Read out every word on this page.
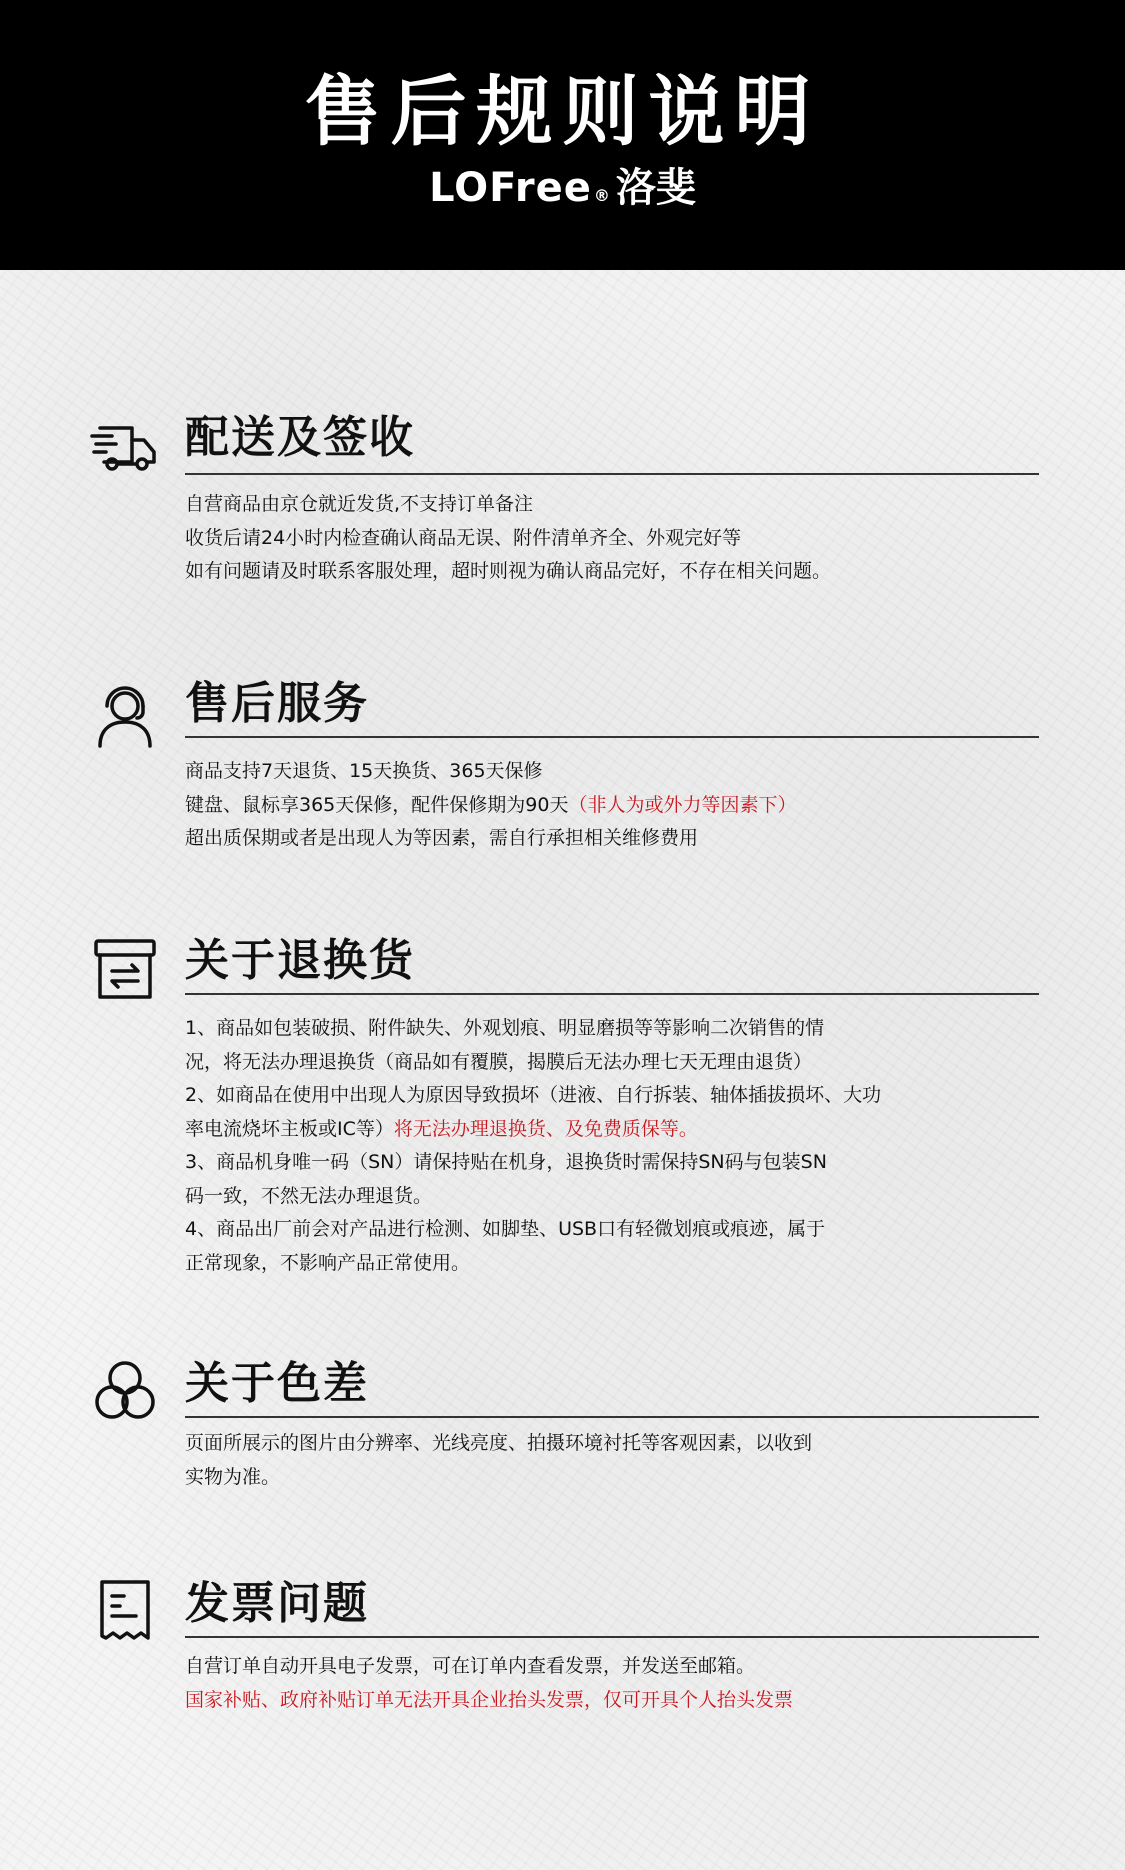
售后规则说明
LOFree ® 洛斐
配送及签收
自营商品由京仓就近发货,不支持订单备注
收货后请24小时内检查确认商品无误、附件清单齐全、外观完好等
如有问题请及时联系客服处理，超时则视为确认商品完好，不存在相关问题。
售后服务
商品支持7天退货、15天换货、365天保修
键盘、鼠标享365天保修，配件保修期为90天（非人为或外力等因素下）
超出质保期或者是出现人为等因素，需自行承担相关维修费用
关于退换货
1、商品如包装破损、附件缺失、外观划痕、明显磨损等等影响二次销售的情
况，将无法办理退换货（商品如有覆膜，揭膜后无法办理七天无理由退货）
2、如商品在使用中出现人为原因导致损坏（进液、自行拆装、轴体插拔损坏、大功
率电流烧坏主板或IC等）将无法办理退换货、及免费质保等。
3、商品机身唯一码（SN）请保持贴在机身，退换货时需保持SN码与包装SN
码一致，不然无法办理退货。
4、商品出厂前会对产品进行检测、如脚垫、USB口有轻微划痕或痕迹，属于
正常现象，不影响产品正常使用。
关于色差
页面所展示的图片由分辨率、光线亮度、拍摄环境衬托等客观因素，以收到
实物为准。
发票问题
自营订单自动开具电子发票，可在订单内查看发票，并发送至邮箱。
国家补贴、政府补贴订单无法开具企业抬头发票，仅可开具个人抬头发票
